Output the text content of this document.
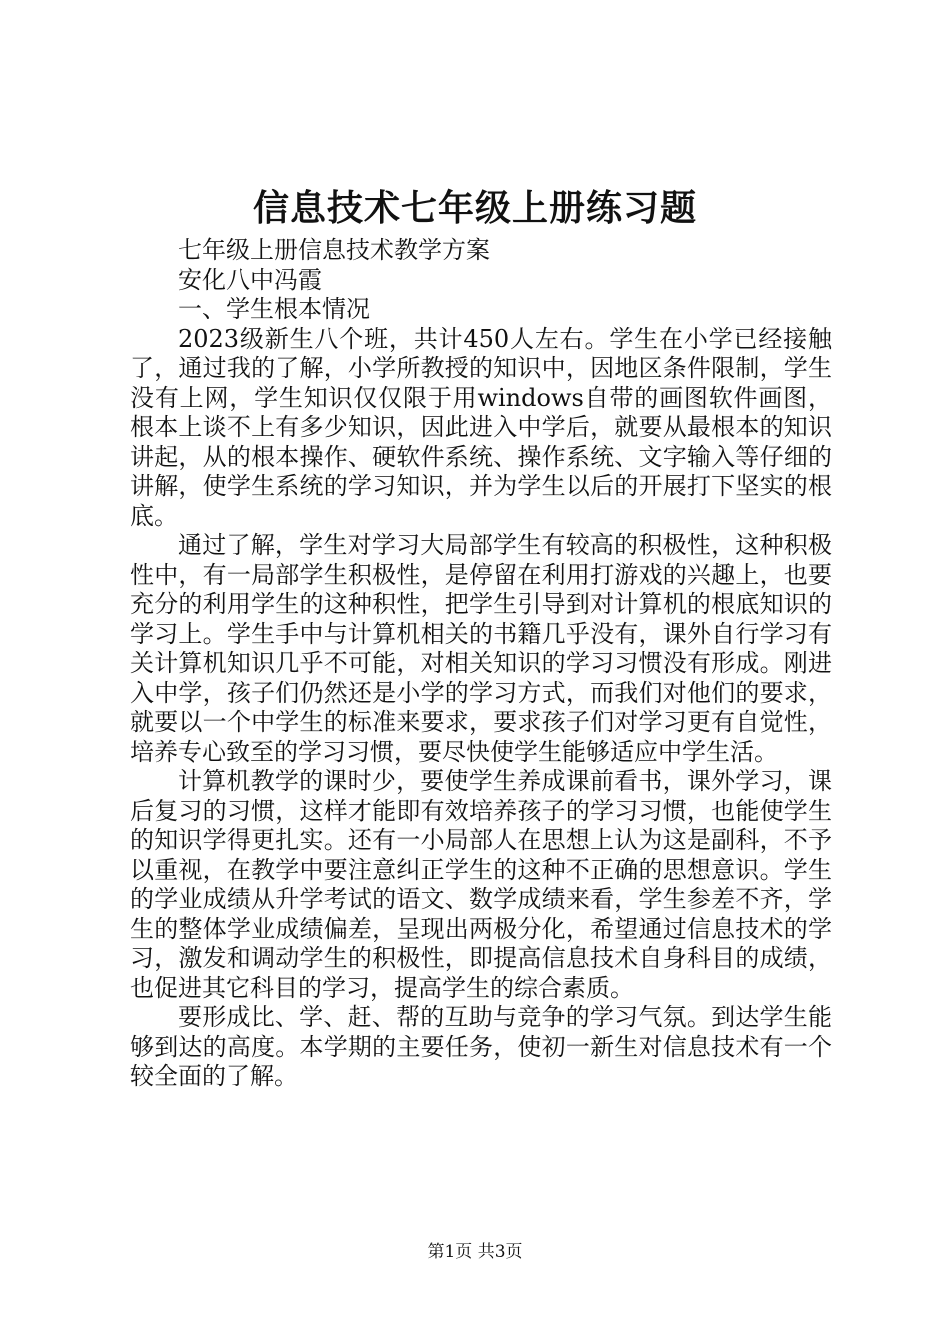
信息技术七年级上册练习题

七年级上册信息技术教学方案

安化八中冯霞

一、学生根本情况

2023级新生八个班，共计450人左右。学生在小学已经接触了，通过我的了解，小学所教授的知识中，因地区条件限制，学生没有上网，学生知识仅仅限于用windows自带的画图软件画图，根本上谈不上有多少知识，因此进入中学后，就要从最根本的知识讲起，从的根本操作、硬软件系统、操作系统、文字输入等仔细的讲解，使学生系统的学习知识，并为学生以后的开展打下坚实的根底。

通过了解，学生对学习大局部学生有较高的积极性，这种积极性中，有一局部学生积极性，是停留在利用打游戏的兴趣上，也要充分的利用学生的这种积性，把学生引导到对计算机的根底知识的学习上。学生手中与计算机相关的书籍几乎没有，课外自行学习有关计算机知识几乎不可能，对相关知识的学习习惯没有形成。刚进入中学，孩子们仍然还是小学的学习方式，而我们对他们的要求，就要以一个中学生的标准来要求，要求孩子们对学习更有自觉性，培养专心致至的学习习惯，要尽快使学生能够适应中学生活。

计算机教学的课时少，要使学生养成课前看书，课外学习，课后复习的习惯，这样才能即有效培养孩子的学习习惯，也能使学生的知识学得更扎实。还有一小局部人在思想上认为这是副科，不予以重视，在教学中要注意纠正学生的这种不正确的思想意识。学生的学业成绩从升学考试的语文、数学成绩来看，学生参差不齐，学生的整体学业成绩偏差，呈现出两极分化，希望通过信息技术的学习，激发和调动学生的积极性，即提高信息技术自身科目的成绩，也促进其它科目的学习，提高学生的综合素质。

要形成比、学、赶、帮的互助与竞争的学习气氛。到达学生能够到达的高度。本学期的主要任务，使初一新生对信息技术有一个较全面的了解。

第1页 共3页
